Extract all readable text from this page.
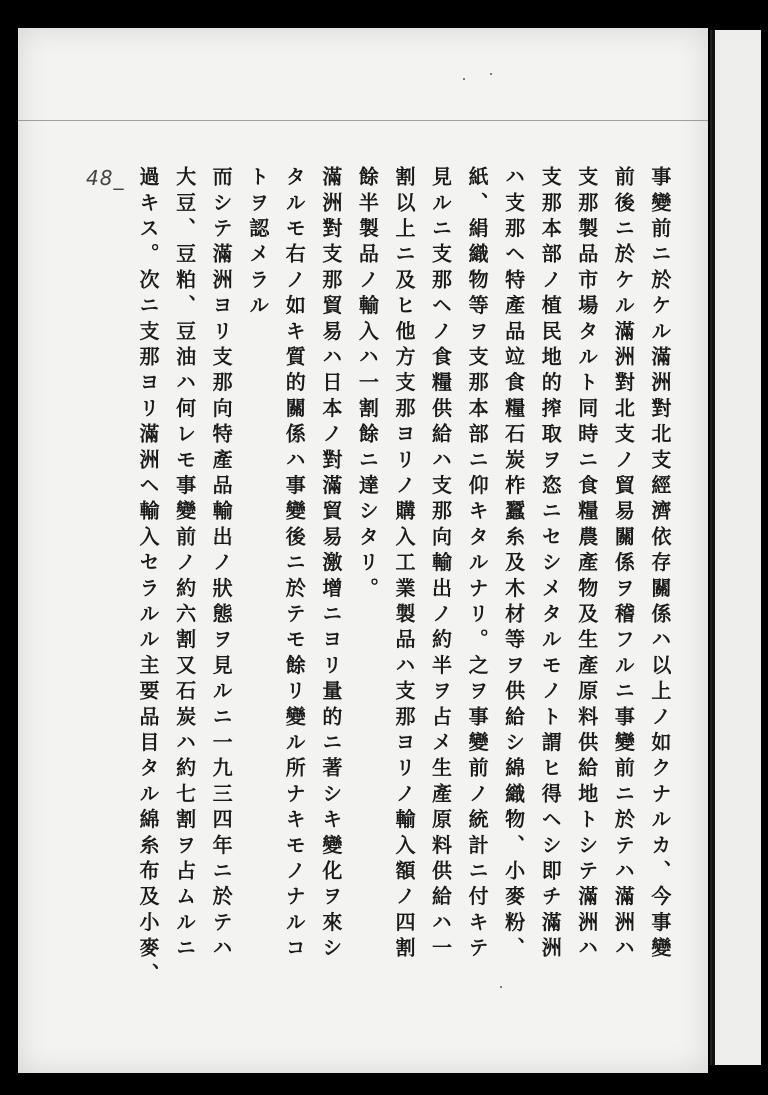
48_	事變前ニ於ケル滿洲對北支經濟依存關係ハ以上ノ如クナルカ、今事變
前後ニ於ケル滿洲對北支ノ貿易關係ヲ稽フルニ事變前ニ於テハ滿洲ハ
支那製品市場タルト同時ニ食糧農產物及生產原料供給地トシテ滿洲ハ
支那本部ノ植民地的搾取ヲ恣ニセシメタルモノト謂ヒ得ヘシ即チ滿洲
ハ支那ヘ特產品竝食糧石炭柞蠶糸及木材等ヲ供給シ綿織物、小麥粉、
紙、絹織物等ヲ支那本部ニ仰キタルナリ。之ヲ事變前ノ統計ニ付キテ
見ルニ支那ヘノ食糧供給ハ支那向輸出ノ約半ヲ占メ生產原料供給ハ一
割以上ニ及ヒ他方支那ヨリノ購入工業製品ハ支那ヨリノ輸入額ノ四割
餘半製品ノ輸入ハ一割餘ニ達シタリ。
滿洲對支那貿易ハ日本ノ對滿貿易激增ニヨリ量的ニ著シキ變化ヲ來シ
タルモ右ノ如キ質的關係ハ事變後ニ於テモ餘リ變ル所ナキモノナルコ
トヲ認メラル
而シテ滿洲ヨリ支那向特產品輸出ノ狀態ヲ見ルニ一九三四年ニ於テハ
大豆、豆粕、豆油ハ何レモ事變前ノ約六割又石炭ハ約七割ヲ占ムルニ
過キス。次ニ支那ヨリ滿洲ヘ輸入セラルル主要品目タル綿糸布及小麥、
